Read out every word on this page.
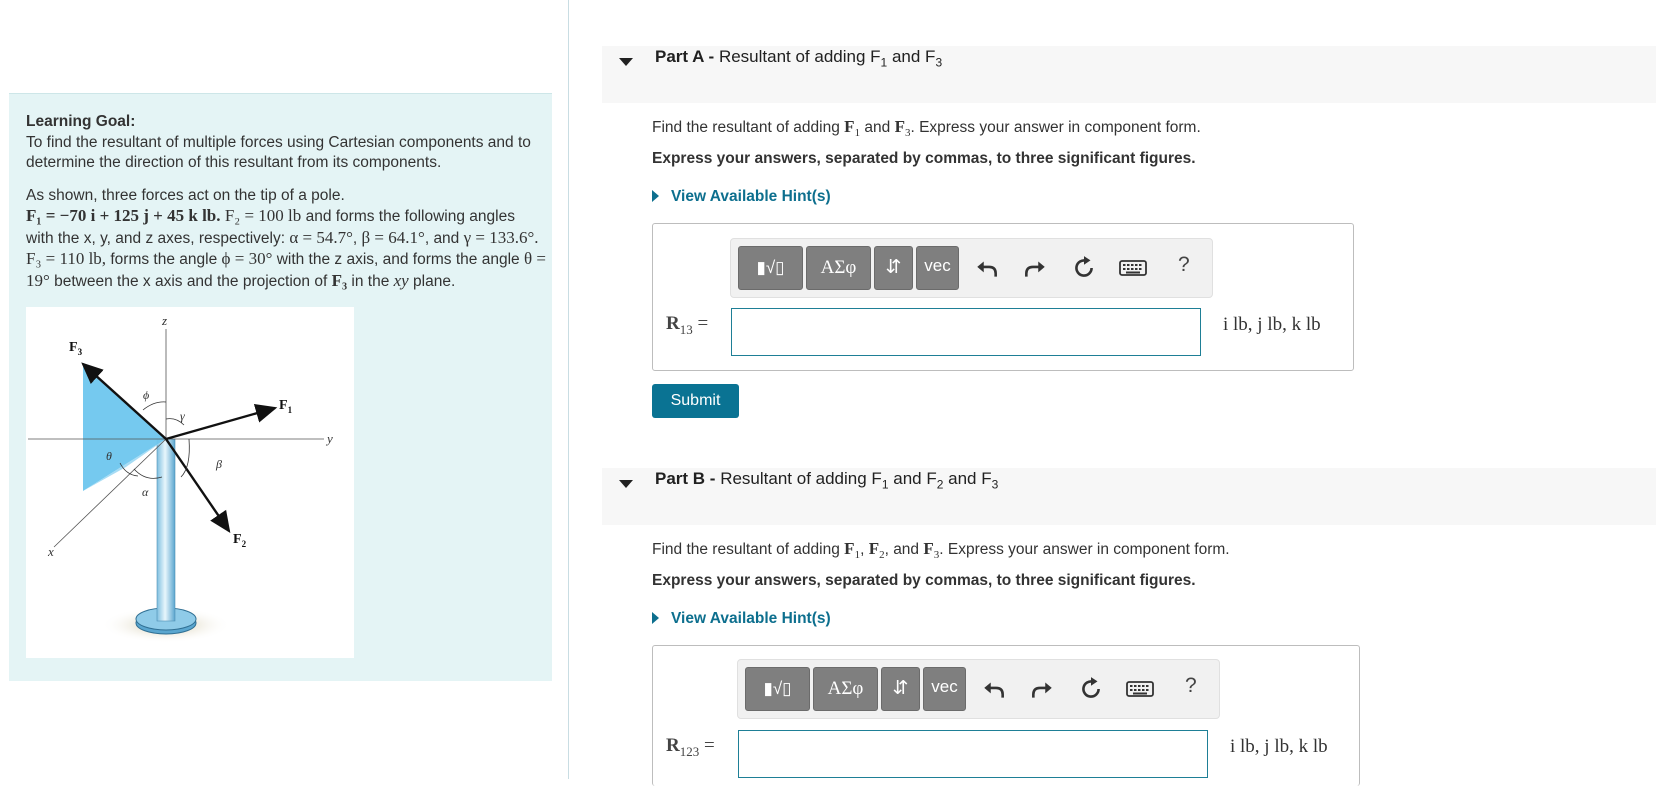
Learning Goal:

To find the resultant of multiple forces using Cartesian components and to determine the direction of this resultant from its components.

As shown, three forces act on the tip of a pole.

F₁ = −70 i + 125 j + 45 k lb. F₂ = 100 lb and forms the following angles with the x, y, and z axes, respectively: α = 54.7°, β = 64.1°, and γ = 133.6°. F₃ = 110 lb, forms the angle ϕ = 30° with the z axis, and forms the angle θ = 19° between the x axis and the projection of F₃ in the xy plane.

z
y
x
$F_3$
$F_1$
$F_2$
ϕ
γ
β
θ
α
Part A - Resultant of adding $F_1$ and $F_3$
Find the resultant of adding $F_1$ and $F_3$. Express your answer in component form.
Express your answers, separated by commas, to three significant figures.
View Available Hint(s)
▮√▯	ΑΣφ	⇵	vec	?
$R_{13}$ =	i lb, j lb, k lb
Submit
Part B - Resultant of adding $F_1$ and $F_2$ and $F_3$
Find the resultant of adding $F_1$, $F_2$, and $F_3$. Express your answer in component form.
Express your answers, separated by commas, to three significant figures.
View Available Hint(s)
▮√▯	ΑΣφ	⇵	vec	?
$R_{123}$ =	i lb, j lb, k lb
